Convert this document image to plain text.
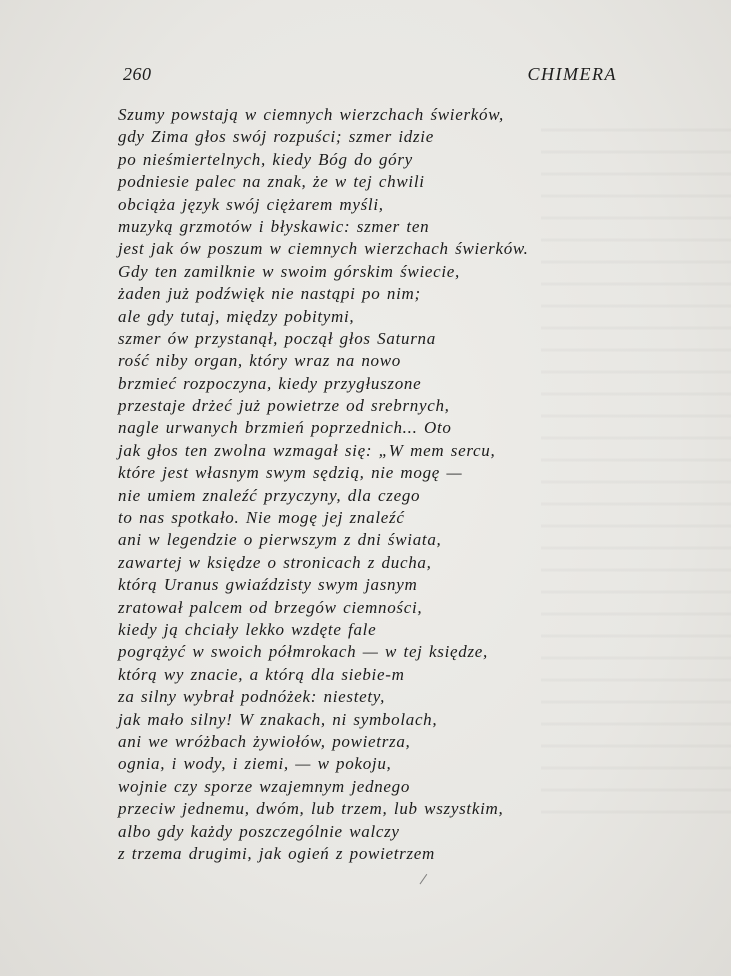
260	CHIMERA
Szumy powstają w ciemnych wierzchach świerków,
gdy Zima głos swój rozpuści; szmer idzie
po nieśmiertelnych, kiedy Bóg do góry
podniesie palec na znak, że w tej chwili
obciąża język swój ciężarem myśli,
muzyką grzmotów i błyskawic: szmer ten
jest jak ów poszum w ciemnych wierzchach świerków.
Gdy ten zamilknie w swoim górskim świecie,
żaden już podźwięk nie nastąpi po nim;
ale gdy tutaj, między pobitymi,
szmer ów przystanął, począł głos Saturna
rość niby organ, który wraz na nowo
brzmieć rozpoczyna, kiedy przygłuszone
przestaje drżeć już powietrze od srebrnych,
nagle urwanych brzmień poprzednich... Oto
jak głos ten zwolna wzmagał się: „W mem sercu,
które jest własnym swym sędzią, nie mogę —
nie umiem znaleźć przyczyny, dla czego
to nas spotkało. Nie mogę jej znaleźć
ani w legendzie o pierwszym z dni świata,
zawartej w księdze o stronicach z ducha,
którą Uranus gwiaździsty swym jasnym
zratował palcem od brzegów ciemności,
kiedy ją chciały lekko wzdęte fale
pogrążyć w swoich półmrokach — w tej księdze,
którą wy znacie, a którą dla siebie-m
za silny wybrał podnóżek: niestety,
jak mało silny! W znakach, ni symbolach,
ani we wróżbach żywiołów, powietrza,
ognia, i wody, i ziemi, — w pokoju,
wojnie czy sporze wzajemnym jednego
przeciw jednemu, dwóm, lub trzem, lub wszystkim,
albo gdy każdy poszczególnie walczy
z trzema drugimi, jak ogień z powietrzem
